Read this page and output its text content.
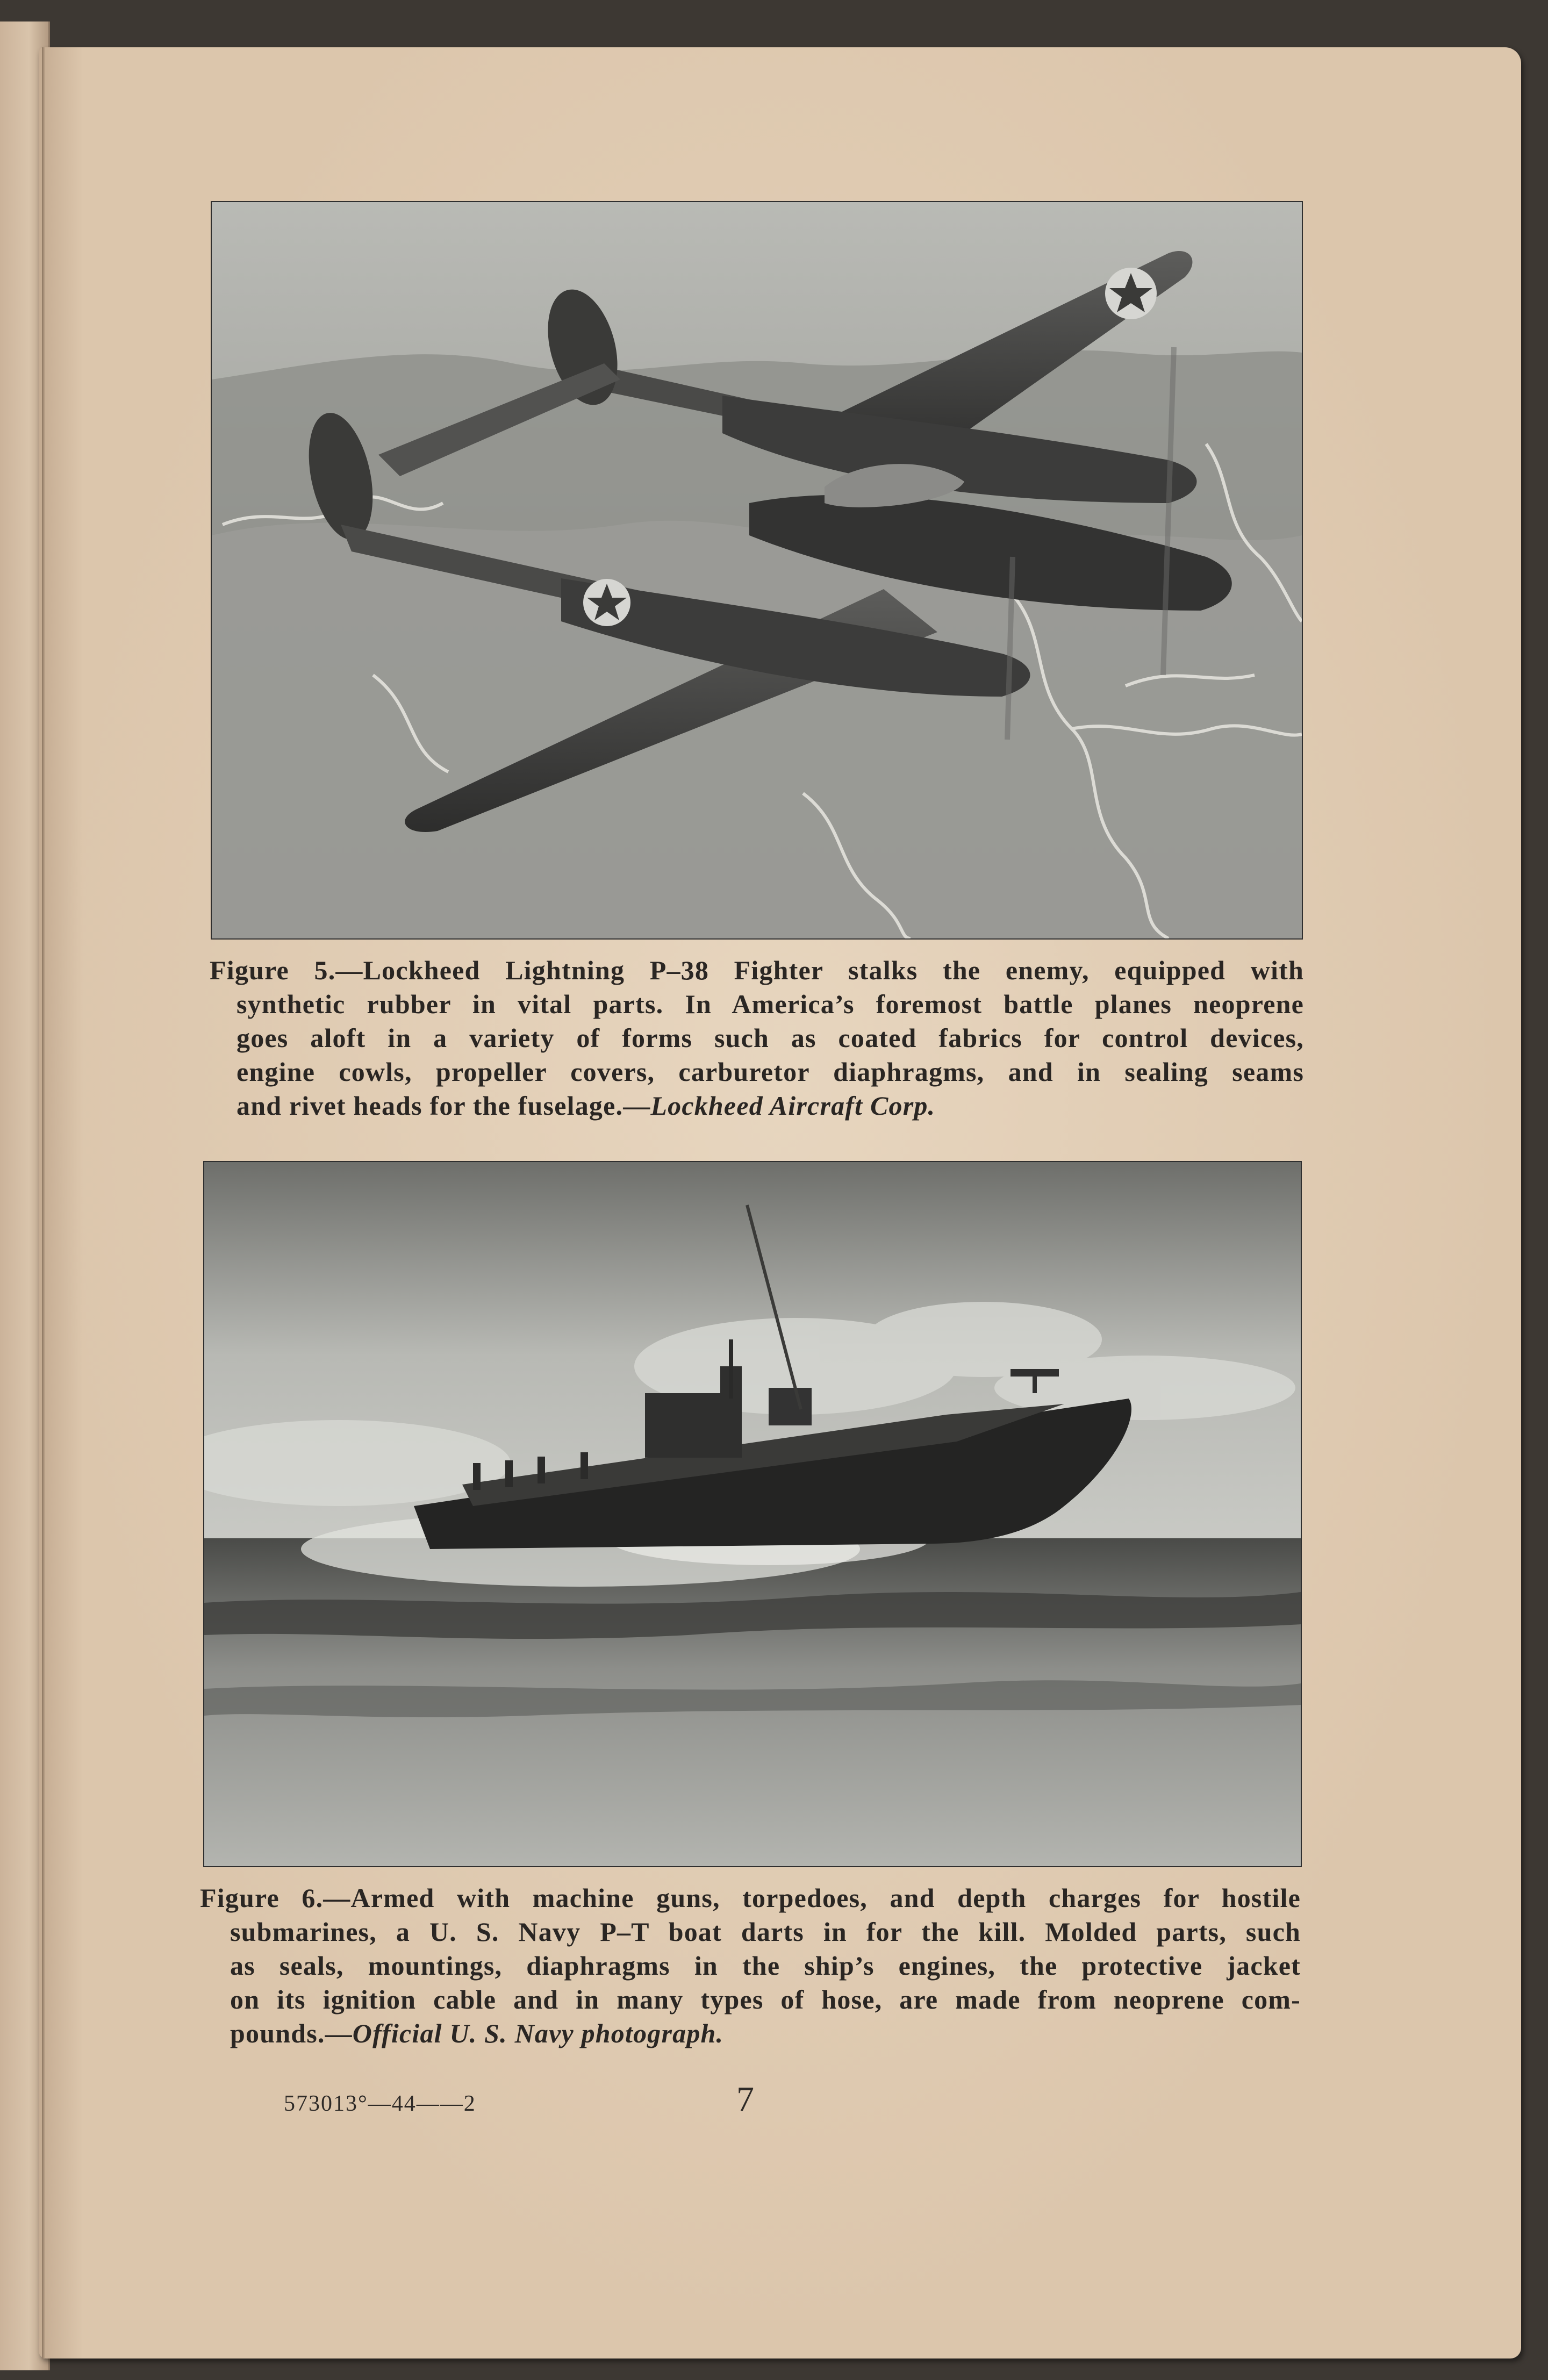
Figure 5.—Lockheed Lightning P–38 Fighter stalks the enemy, equipped with
synthetic rubber in vital parts. In America’s foremost battle planes neoprene
goes aloft in a variety of forms such as coated fabrics for control devices,
engine cowls, propeller covers, carburetor diaphragms, and in sealing seams
and rivet heads for the fuselage.—Lockheed Aircraft Corp.
Figure 6.—Armed with machine guns, torpedoes, and depth charges for hostile
submarines, a U. S. Navy P–T boat darts in for the kill. Molded parts, such
as seals, mountings, diaphragms in the ship’s engines, the protective jacket
on its ignition cable and in many types of hose, are made from neoprene com-
pounds.—Official U. S. Navy photograph.
573013°—44——2	7
